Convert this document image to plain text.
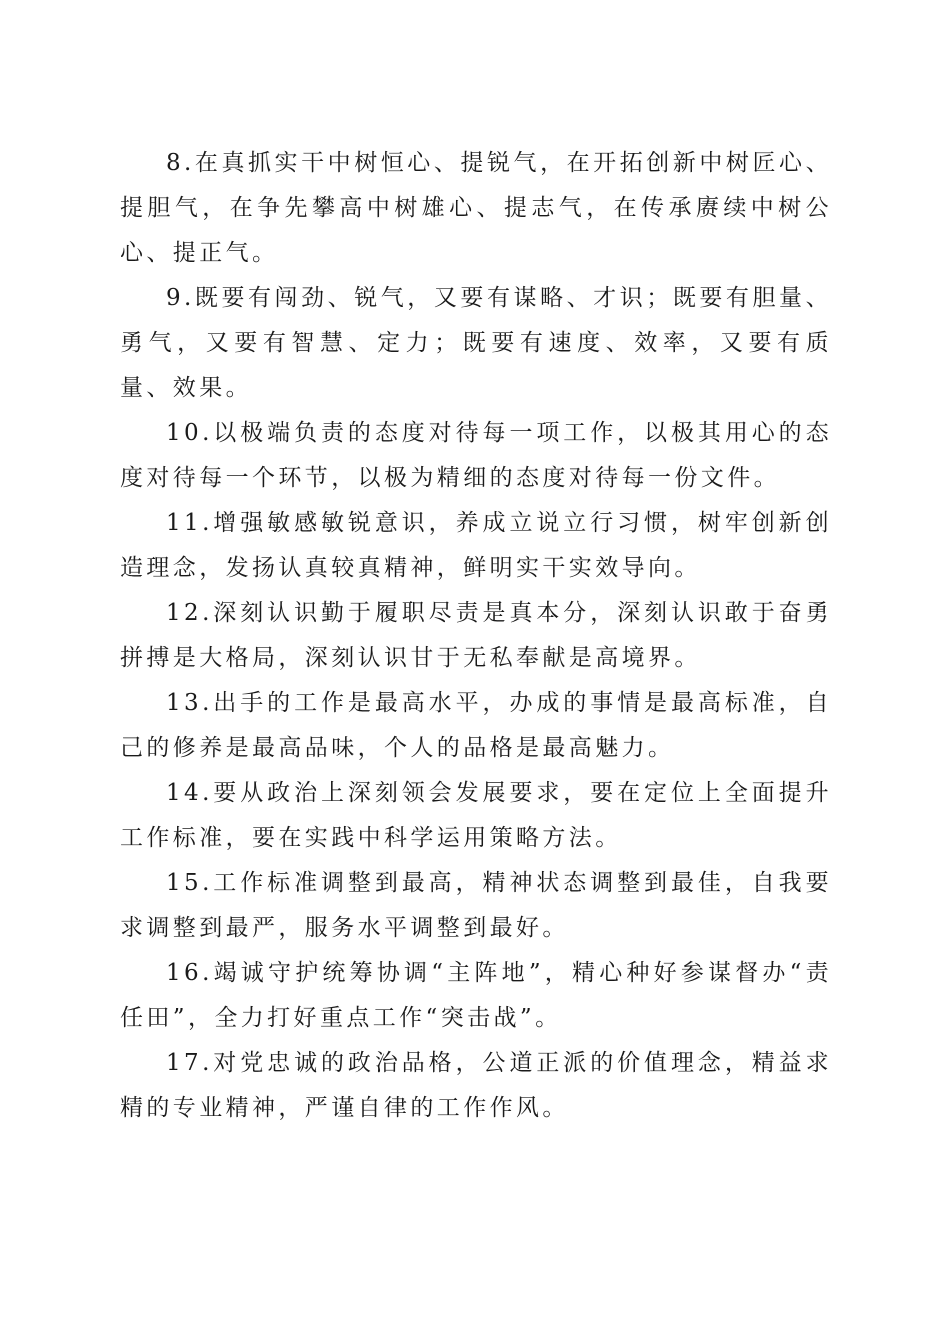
8.在真抓实干中树恒心、提锐气，在开拓创新中树匠心、提胆气，在争先攀高中树雄心、提志气，在传承赓续中树公心、提正气。

9.既要有闯劲、锐气，又要有谋略、才识；既要有胆量、勇气，又要有智慧、定力；既要有速度、效率，又要有质量、效果。

10.以极端负责的态度对待每一项工作，以极其用心的态度对待每一个环节，以极为精细的态度对待每一份文件。

11.增强敏感敏锐意识，养成立说立行习惯，树牢创新创造理念，发扬认真较真精神，鲜明实干实效导向。

12.深刻认识勤于履职尽责是真本分，深刻认识敢于奋勇拼搏是大格局，深刻认识甘于无私奉献是高境界。

13.出手的工作是最高水平，办成的事情是最高标准，自己的修养是最高品味，个人的品格是最高魅力。

14.要从政治上深刻领会发展要求，要在定位上全面提升工作标准，要在实践中科学运用策略方法。

15.工作标准调整到最高，精神状态调整到最佳，自我要求调整到最严，服务水平调整到最好。

16.竭诚守护统筹协调“主阵地”，精心种好参谋督办“责任田”，全力打好重点工作“突击战”。

17.对党忠诚的政治品格，公道正派的价值理念，精益求精的专业精神，严谨自律的工作作风。
